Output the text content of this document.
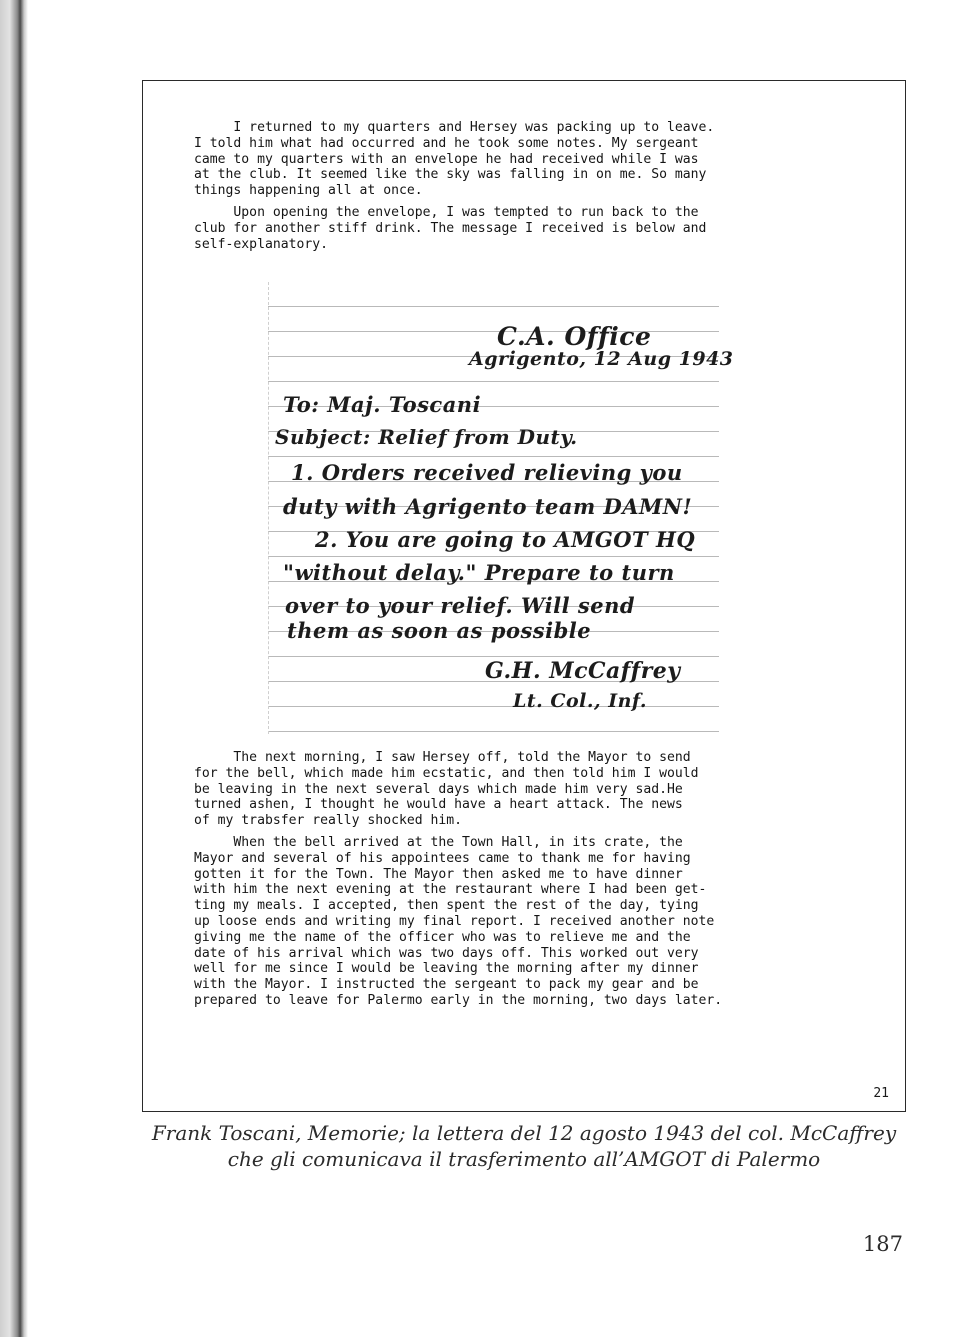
I returned to my quarters and Hersey was packing up to leave.
I told him what had occurred and he took some notes. My sergeant
came to my quarters with an envelope he had received while I was
at the club. It seemed like the sky was falling in on me. So many
things happening all at once.

Upon opening the envelope, I was tempted to run back to the
club for another stiff drink. The message I received is below and
self-explanatory.

C.A. Office
Agrigento, 12 Aug 1943
To: Maj. Toscani
Subject: Relief from Duty.
1. Orders received relieving you
duty with Agrigento team DAMN!
2. You are going to AMGOT HQ
"without delay." Prepare to turn
over to your relief. Will send
them as soon as possible
G.H. McCaffrey
Lt. Col., Inf.

The next morning, I saw Hersey off, told the Mayor to send
for the bell, which made him ecstatic, and then told him I would
be leaving in the next several days which made him very sad.He
turned ashen, I thought he would have a heart attack. The news
of my trabsfer really shocked him.

When the bell arrived at the Town Hall, in its crate, the
Mayor and several of his appointees came to thank me for having
gotten it for the Town. The Mayor then asked me to have dinner
with him the next evening at the restaurant where I had been get-
ting my meals. I accepted, then spent the rest of the day, tying
up loose ends and writing my final report. I received another note
giving me the name of the officer who was to relieve me and the
date of his arrival which was two days off. This worked out very
well for me since I would be leaving the morning after my dinner
with the Mayor. I instructed the sergeant to pack my gear and be
prepared to leave for Palermo early in the morning, two days later.

21
Frank Toscani, Memorie; la lettera del 12 agosto 1943 del col. McCaffrey
che gli comunicava il trasferimento all’AMGOT di Palermo
187
